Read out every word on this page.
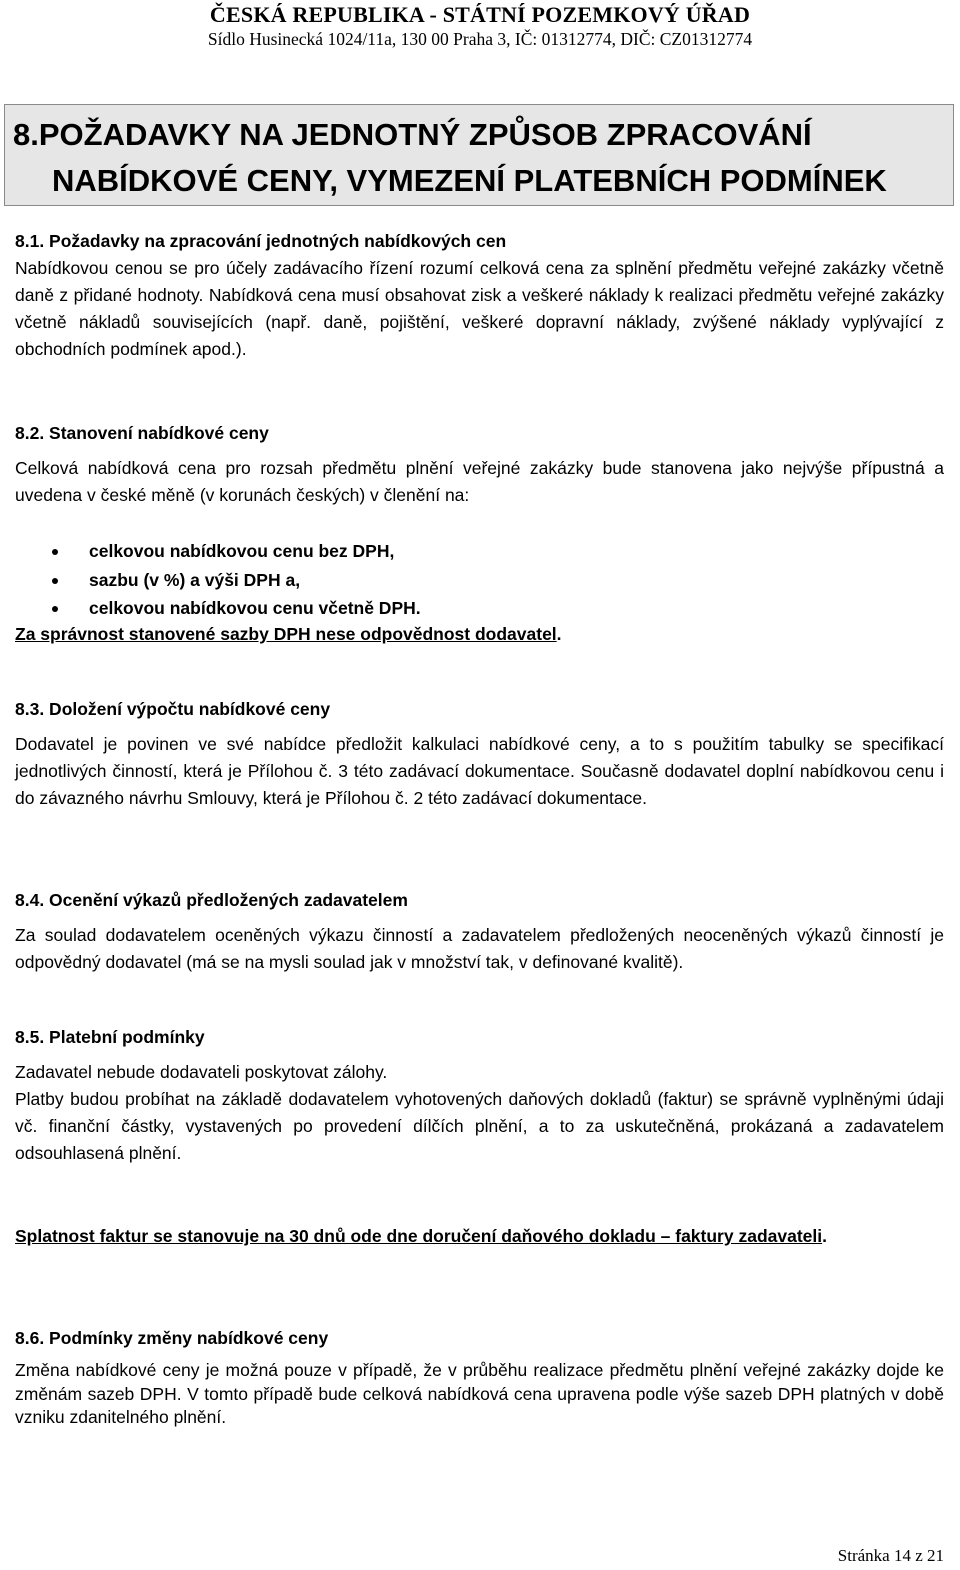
ČESKÁ REPUBLIKA - STÁTNÍ POZEMKOVÝ ÚŘAD
Sídlo Husinecká 1024/11a, 130 00 Praha 3, IČ: 01312774, DIČ: CZ01312774
8.POŽADAVKY NA JEDNOTNÝ ZPŮSOB ZPRACOVÁNÍ
NABÍDKOVÉ CENY, VYMEZENÍ PLATEBNÍCH PODMÍNEK
8.1. Požadavky na zpracování jednotných nabídkových cen
Nabídkovou cenou se pro účely zadávacího řízení rozumí celková cena za splnění předmětu veřejné zakázky včetně daně z přidané hodnoty. Nabídková cena musí obsahovat zisk a veškeré náklady k realizaci předmětu veřejné zakázky včetně nákladů souvisejících (např. daně, pojištění, veškeré dopravní náklady, zvýšené náklady vyplývající z obchodních podmínek apod.).
8.2. Stanovení nabídkové ceny
Celková nabídková cena pro rozsah předmětu plnění veřejné zakázky bude stanovena jako nejvýše přípustná a uvedena v české měně (v korunách českých) v členění na:
celkovou nabídkovou cenu bez DPH,
sazbu (v %) a výši DPH a,
celkovou nabídkovou cenu včetně DPH.
Za správnost stanovené sazby DPH nese odpovědnost dodavatel.
8.3. Doložení výpočtu nabídkové ceny
Dodavatel je povinen ve své nabídce předložit kalkulaci nabídkové ceny, a to s použitím tabulky se specifikací jednotlivých činností, která je Přílohou č. 3 této zadávací dokumentace. Současně dodavatel doplní nabídkovou cenu i do závazného návrhu Smlouvy, která je Přílohou č. 2 této zadávací dokumentace.
8.4. Ocenění výkazů předložených zadavatelem
Za soulad dodavatelem oceněných výkazu činností a zadavatelem předložených neoceněných výkazů činností je odpovědný dodavatel (má se na mysli soulad jak v množství tak, v definované kvalitě).
8.5. Platební podmínky
Zadavatel nebude dodavateli poskytovat zálohy.
Platby budou probíhat na základě dodavatelem vyhotovených daňových dokladů (faktur) se správně vyplněnými údaji vč. finanční částky, vystavených po provedení dílčích plnění, a to za uskutečněná, prokázaná a zadavatelem odsouhlasená plnění.
Splatnost faktur se stanovuje na 30 dnů ode dne doručení daňového dokladu – faktury zadavateli.
8.6. Podmínky změny nabídkové ceny
Změna nabídkové ceny je možná pouze v případě, že v průběhu realizace předmětu plnění veřejné zakázky dojde ke změnám sazeb DPH. V tomto případě bude celková nabídková cena upravena podle výše sazeb DPH platných v době vzniku zdanitelného plnění.
Stránka 14 z 21
